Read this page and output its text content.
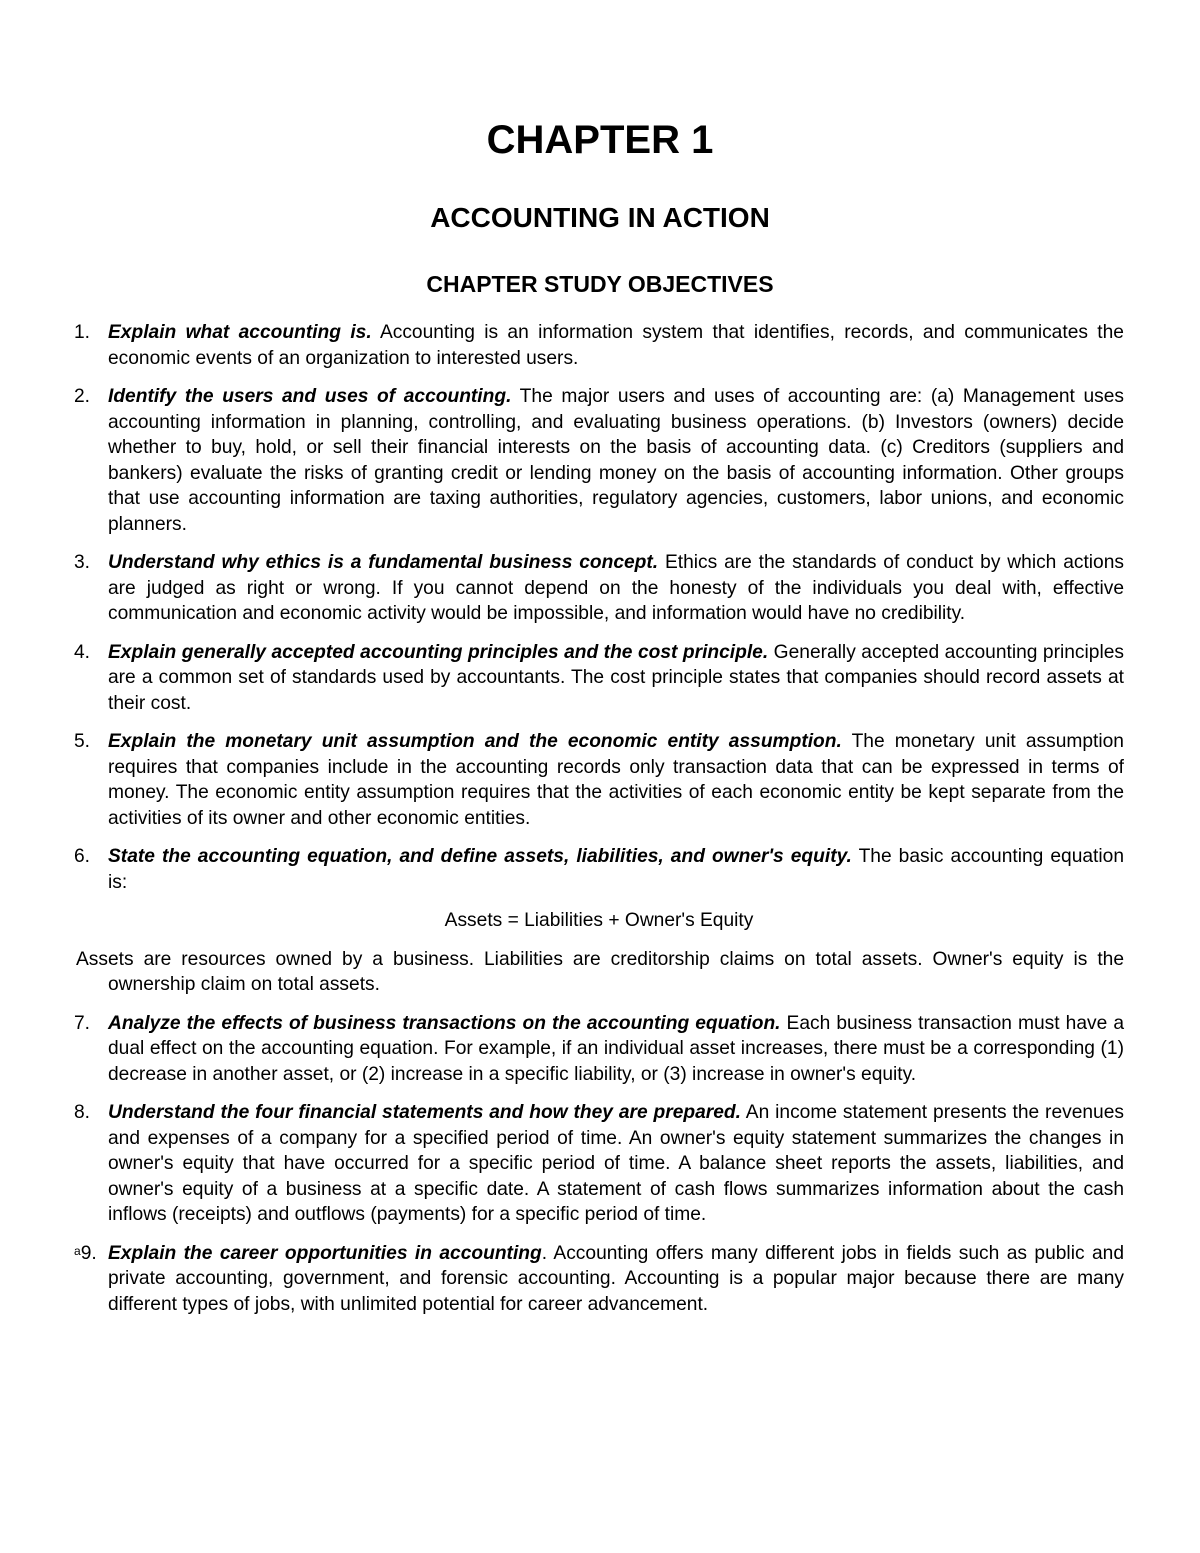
CHAPTER 1
ACCOUNTING IN ACTION
CHAPTER STUDY OBJECTIVES

1. Explain what accounting is. Accounting is an information system that identifies, records, and communicates the economic events of an organization to interested users.

2. Identify the users and uses of accounting. The major users and uses of accounting are: (a) Management uses accounting information in planning, controlling, and evaluating business operations. (b) Investors (owners) decide whether to buy, hold, or sell their financial interests on the basis of accounting data. (c) Creditors (suppliers and bankers) evaluate the risks of granting credit or lending money on the basis of accounting information. Other groups that use accounting information are taxing authorities, regulatory agencies, customers, labor unions, and economic planners.

3. Understand why ethics is a fundamental business concept. Ethics are the standards of conduct by which actions are judged as right or wrong. If you cannot depend on the honesty of the individuals you deal with, effective communication and economic activity would be impossible, and information would have no credibility.

4. Explain generally accepted accounting principles and the cost principle. Generally accepted accounting principles are a common set of standards used by accountants. The cost principle states that companies should record assets at their cost.

5. Explain the monetary unit assumption and the economic entity assumption. The monetary unit assumption requires that companies include in the accounting records only transaction data that can be expressed in terms of money. The economic entity assumption requires that the activities of each economic entity be kept separate from the activities of its owner and other economic entities.

6. State the accounting equation, and define assets, liabilities, and owner's equity. The basic accounting equation is:

Assets = Liabilities + Owner's Equity

Assets are resources owned by a business. Liabilities are creditorship claims on total assets. Owner's equity is the ownership claim on total assets.

7. Analyze the effects of business transactions on the accounting equation. Each business transaction must have a dual effect on the accounting equation. For example, if an individual asset increases, there must be a corresponding (1) decrease in another asset, or (2) increase in a specific liability, or (3) increase in owner's equity.

8. Understand the four financial statements and how they are prepared. An income statement presents the revenues and expenses of a company for a specified period of time. An owner's equity statement summarizes the changes in owner's equity that have occurred for a specific period of time. A balance sheet reports the assets, liabilities, and owner's equity of a business at a specific date. A statement of cash flows summarizes information about the cash inflows (receipts) and outflows (payments) for a specific period of time.

$^a$9. Explain the career opportunities in accounting. Accounting offers many different jobs in fields such as public and private accounting, government, and forensic accounting. Accounting is a popular major because there are many different types of jobs, with unlimited potential for career advancement.
